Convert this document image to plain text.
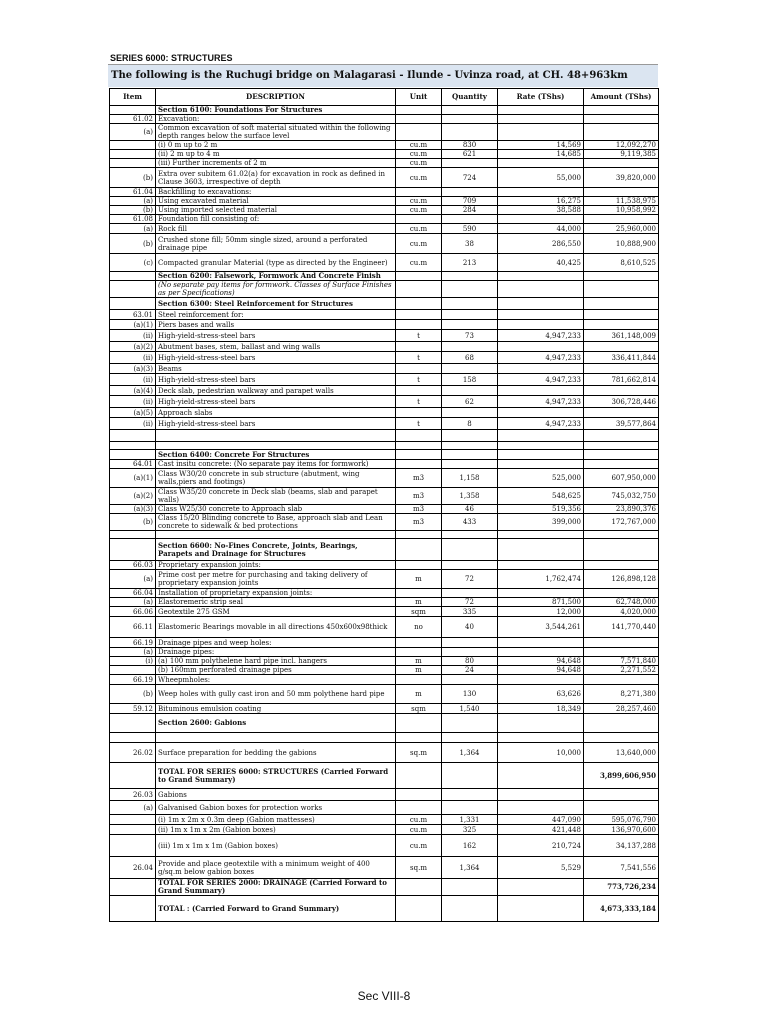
SERIES 6000: STRUCTURES
The following is the Ruchugi bridge on Malagarasi - Ilunde - Uvinza road, at CH. 48+963km
Item	DESCRIPTION	Unit	Quantity	Rate (TShs)	Amount (TShs)
	Section 6100: Foundations For Structures				
61.02	Excavation:				
(a)	Common excavation of soft material situated within the following depth ranges below the surface level				
	(i) 0 m up to 2 m	cu.m	830	14,569	12,092,270
	(ii) 2 m up to 4 m	cu.m	621	14,685	9,119,385
	(iii) Further increments of 2 m	cu.m			
(b)	Extra over subitem 61.02(a) for excavation in rock as defined in Clause 3603, irrespective of depth	cu.m	724	55,000	39,820,000
61.04	Backfilling to excavations:				
(a)	Using excavated material	cu.m	709	16,275	11,538,975
(b)	Using imported selected material	cu.m	284	38,588	10,958,992
61.08	Foundation fill consisting of:				
(a)	Rock fill	cu.m	590	44,000	25,960,000
(b)	Crushed stone fill; 50mm single sized, around a perforated drainage pipe	cu.m	38	286,550	10,888,900
(c)	Compacted granular Material (type as directed by the Engineer)	cu.m	213	40,425	8,610,525
	Section 6200: Falsework, Formwork And Concrete Finish				
	(No separate pay items for formwork. Classes of Surface Finishes as per Specifications)				
	Section 6300: Steel Reinforcement for Structures				
63.01	Steel reinforcement for:				
(a)(1)	Piers bases and walls				
(ii)	High-yield-stress-steel bars	t	73	4,947,233	361,148,009
(a)(2)	Abutment bases, stem, ballast and wing walls				
(ii)	High-yield-stress-steel bars	t	68	4,947,233	336,411,844
(a)(3)	Beams				
(ii)	High-yield-stress-steel bars	t	158	4,947,233	781,662,814
(a)(4)	Deck slab, pedestrian walkway and parapet walls				
(ii)	High-yield-stress-steel bars	t	62	4,947,233	306,728,446
(a)(5)	Approach slabs				
(ii)	High-yield-stress-steel bars	t	8	4,947,233	39,577,864

	Section 6400: Concrete For Structures				
64.01	Cast insitu concrete: (No separate pay items for formwork)				
(a)(1)	Class W30/20 concrete in sub structure (abutment, wing walls,piers and footings)	m3	1,158	525,000	607,950,000
(a)(2)	Class W35/20 concrete in Deck slab (beams, slab and parapet walls)	m3	1,358	548,625	745,032,750
(a)(3)	Class W25/30 concrete to Approach slab	m3	46	519,356	23,890,376
(b)	Class 15/20 Blinding concrete to Base, approach slab and Lean concrete to sidewalk & bed protections	m3	433	399,000	172,767,000

	Section 6600: No-Fines Concrete, Joints, Bearings, Parapets and Drainage for Structures				
66.03	Proprietary expansion joints:				
(a)	Prime cost per metre for purchasing and taking delivery of proprietary expansion joints	m	72	1,762,474	126,898,128
66.04	Installation of proprietary expansion joints:				
(a)	Elastoremeric strip seal	m	72	871,500	62,748,000
66.06	Geotextile 275 GSM	sqm	335	12,000	4,020,000
66.11	Elastomeric Bearings movable in all directions 450x600x98thick	no	40	3,544,261	141,770,440
66.19	Drainage pipes and weep holes:				
(a)	Drainage pipes:				
(i)	(a) 100 mm polythelene hard pipe incl. hangers	m	80	94,648	7,571,840
	(b) 160mm perforated drainage pipes	m	24	94,648	2,271,552
66.19	Wheepmholes:				
(b)	Weep holes with gully cast iron and 50 mm polythene hard pipe	m	130	63,626	8,271,380
59.12	Bituminous emulsion coating	sqm	1,540	18,349	28,257,460
	Section 2600: Gabions				

26.02	Surface preparation for bedding the gabions	sq.m	1,364	10,000	13,640,000
	TOTAL FOR SERIES 6000: STRUCTURES (Carried Forward to Grand Summary)				3,899,606,950
26.03	Gabions				
(a)	Galvanised Gabion boxes for protection works				
	(i) 1m x 2m x 0.3m deep (Gabion mattesses)	cu.m	1,331	447,090	595,076,790
	(ii) 1m x 1m x 2m (Gabion boxes)	cu.m	325	421,448	136,970,600
	(iii) 1m x 1m x 1m (Gabion boxes)	cu.m	162	210,724	34,137,288
26.04	Provide and place geotextile with a minimum weight of 400 g/sq.m below gabion boxes	sq.m	1,364	5,529	7,541,556
	TOTAL FOR SERIES 2000: DRAINAGE (Carried Forward to Grand Summary)				773,726,234
	TOTAL : (Carried Forward to Grand Summary)				4,673,333,184
Sec VIII-8
